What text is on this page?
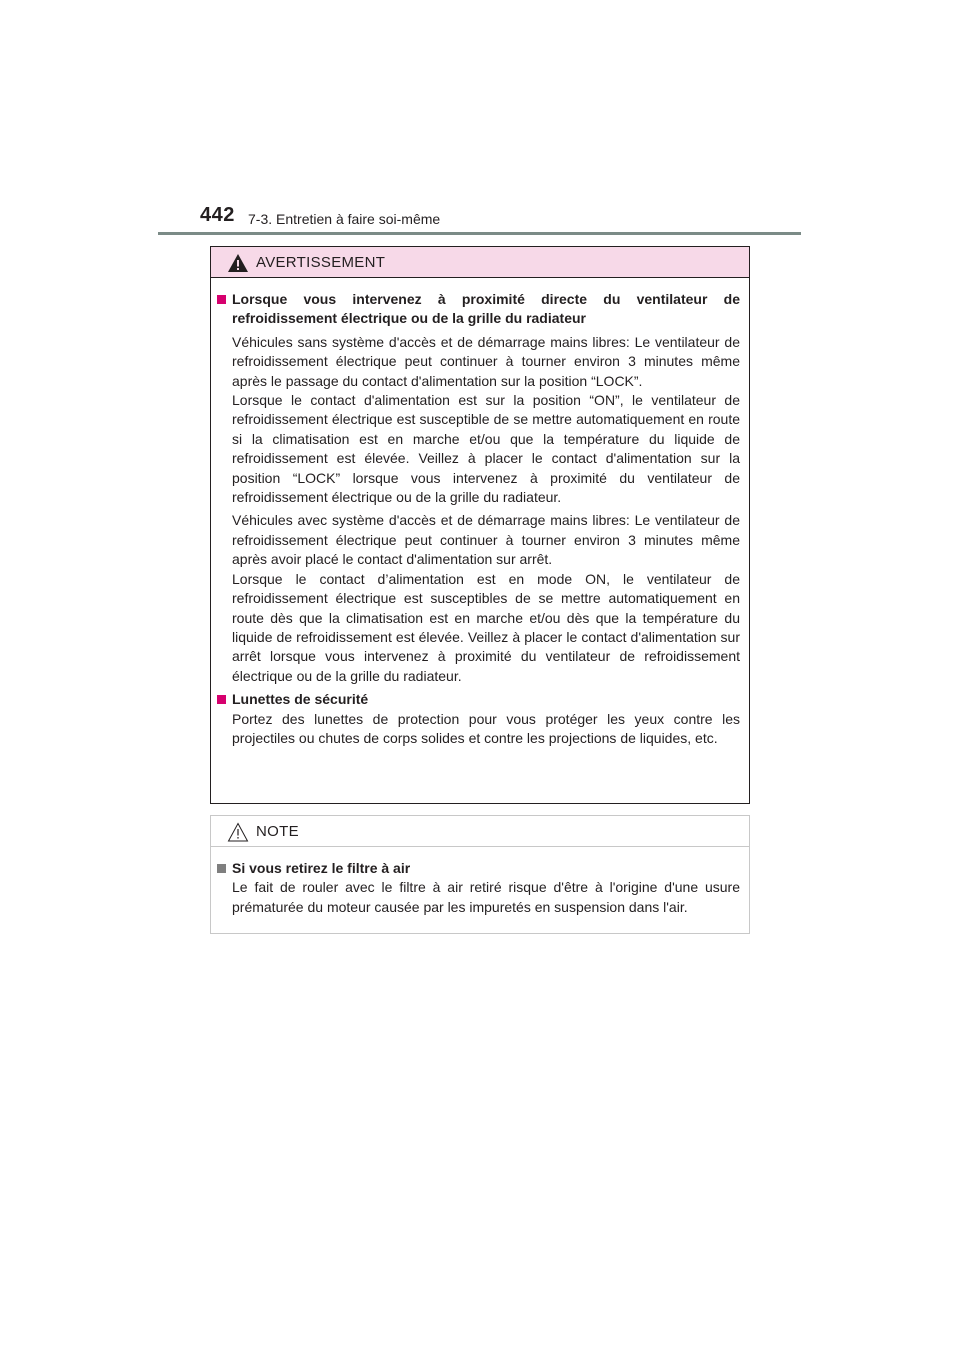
442 7-3. Entretien à faire soi-même
AVERTISSEMENT
Lorsque vous intervenez à proximité directe du ventilateur de refroidissement électrique ou de la grille du radiateur
Véhicules sans système d'accès et de démarrage mains libres: Le ventilateur de refroidissement électrique peut continuer à tourner environ 3 minutes même après le passage du contact d'alimentation sur la position “LOCK”.
Lorsque le contact d'alimentation est sur la position “ON”, le ventilateur de refroidissement électrique est susceptible de se mettre automatiquement en route si la climatisation est en marche et/ou que la température du liquide de refroidissement est élevée. Veillez à placer le contact d'alimentation sur la position “LOCK” lorsque vous intervenez à proximité du ventilateur de refroidissement électrique ou de la grille du radiateur.
Véhicules avec système d'accès et de démarrage mains libres: Le ventilateur de refroidissement électrique peut continuer à tourner environ 3 minutes même après avoir placé le contact d'alimentation sur arrêt.
Lorsque le contact d’alimentation est en mode ON, le ventilateur de refroidissement électrique est susceptibles de se mettre automatiquement en route dès que la climatisation est en marche et/ou dès que la température du liquide de refroidissement est élevée. Veillez à placer le contact d'alimentation sur arrêt lorsque vous intervenez à proximité du ventilateur de refroidissement électrique ou de la grille du radiateur.
Lunettes de sécurité
Portez des lunettes de protection pour vous protéger les yeux contre les projectiles ou chutes de corps solides et contre les projections de liquides, etc.
NOTE
Si vous retirez le filtre à air
Le fait de rouler avec le filtre à air retiré risque d'être à l'origine d'une usure prématurée du moteur causée par les impuretés en suspension dans l'air.
